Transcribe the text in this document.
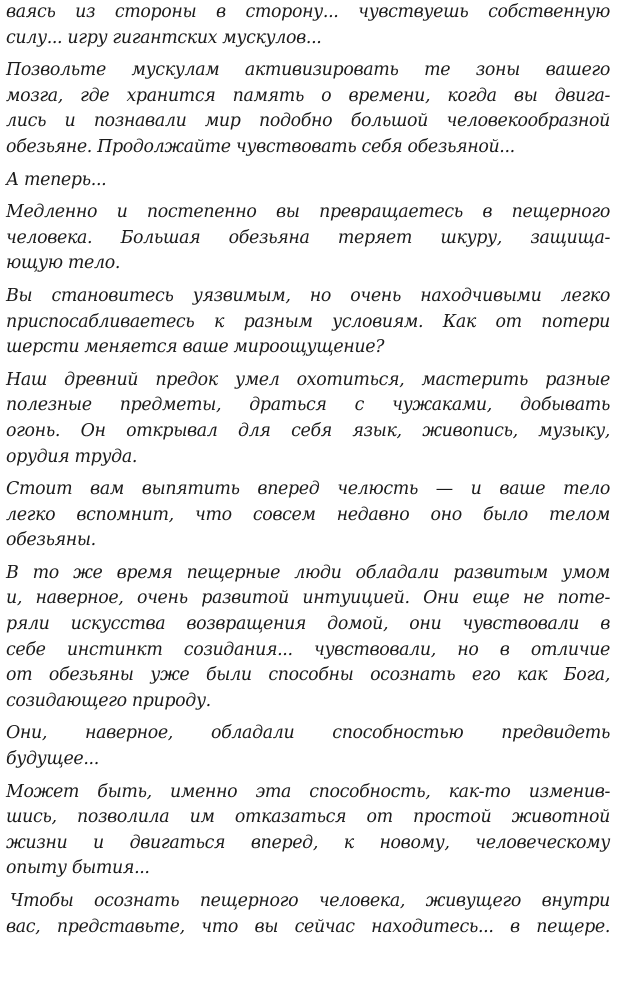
ваясь из стороны в сторону... чувствуешь собственную
силу... игру гигантских мускулов...

Позвольте мускулам активизировать те зоны вашего
мозга, где хранится память о времени, когда вы двига-
лись и познавали мир подобно большой человекообразной
обезьяне. Продолжайте чувствовать себя обезьяной...

А теперь...

Медленно и постепенно вы превращаетесь в пещерного
человека. Большая обезьяна теряет шкуру, защища-
ющую тело.

Вы становитесь уязвимым, но очень находчивыми легко
приспосабливаетесь к разным условиям. Как от потери
шерсти меняется ваше мироощущение?

Наш древний предок умел охотиться, мастерить разные
полезные предметы, драться с чужаками, добывать
огонь. Он открывал для себя язык, живопись, музыку,
орудия труда.

Стоит вам выпятить вперед челюсть — и ваше тело
легко вспомнит, что совсем недавно оно было телом
обезьяны.

В то же время пещерные люди обладали развитым умом
и, наверное, очень развитой интуицией. Они еще не поте-
ряли искусства возвращения домой, они чувствовали в
себе инстинкт созидания... чувствовали, но в отличие
от обезьяны уже были способны осознать его как Бога,
созидающего природу.

Они, наверное, обладали способностью предвидеть
будущее...

Может быть, именно эта способность, как-то изменив-
шись, позволила им отказаться от простой животной
жизни и двигаться вперед, к новому, человеческому
опыту бытия...

Чтобы осознать пещерного человека, живущего внутри
вас, представьте, что вы сейчас находитесь... в пещере.
